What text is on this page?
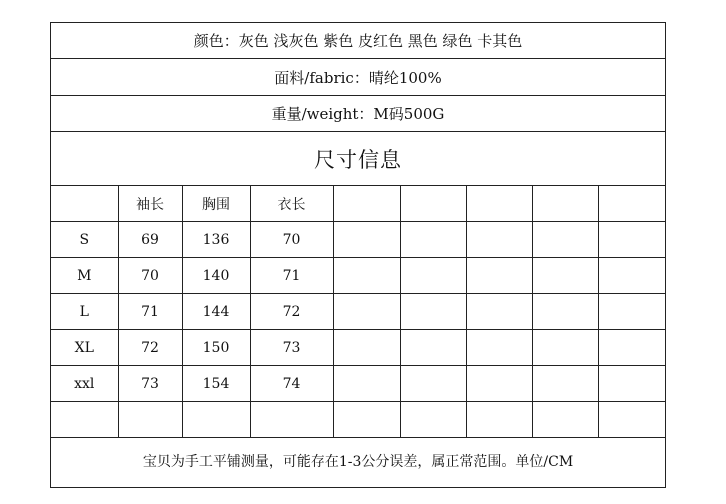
颜色：灰色 浅灰色 紫色 皮红色 黑色 绿色 卡其色
面料/fabric：晴纶100%
重量/weight：M码500G
尺寸信息
	袖长	胸围	衣长					
S	69	136	70					
M	70	140	71					
L	71	144	72					
XL	72	150	73					
xxl	73	154	74					

宝贝为手工平铺测量，可能存在1-3公分误差，属正常范围。单位/CM
